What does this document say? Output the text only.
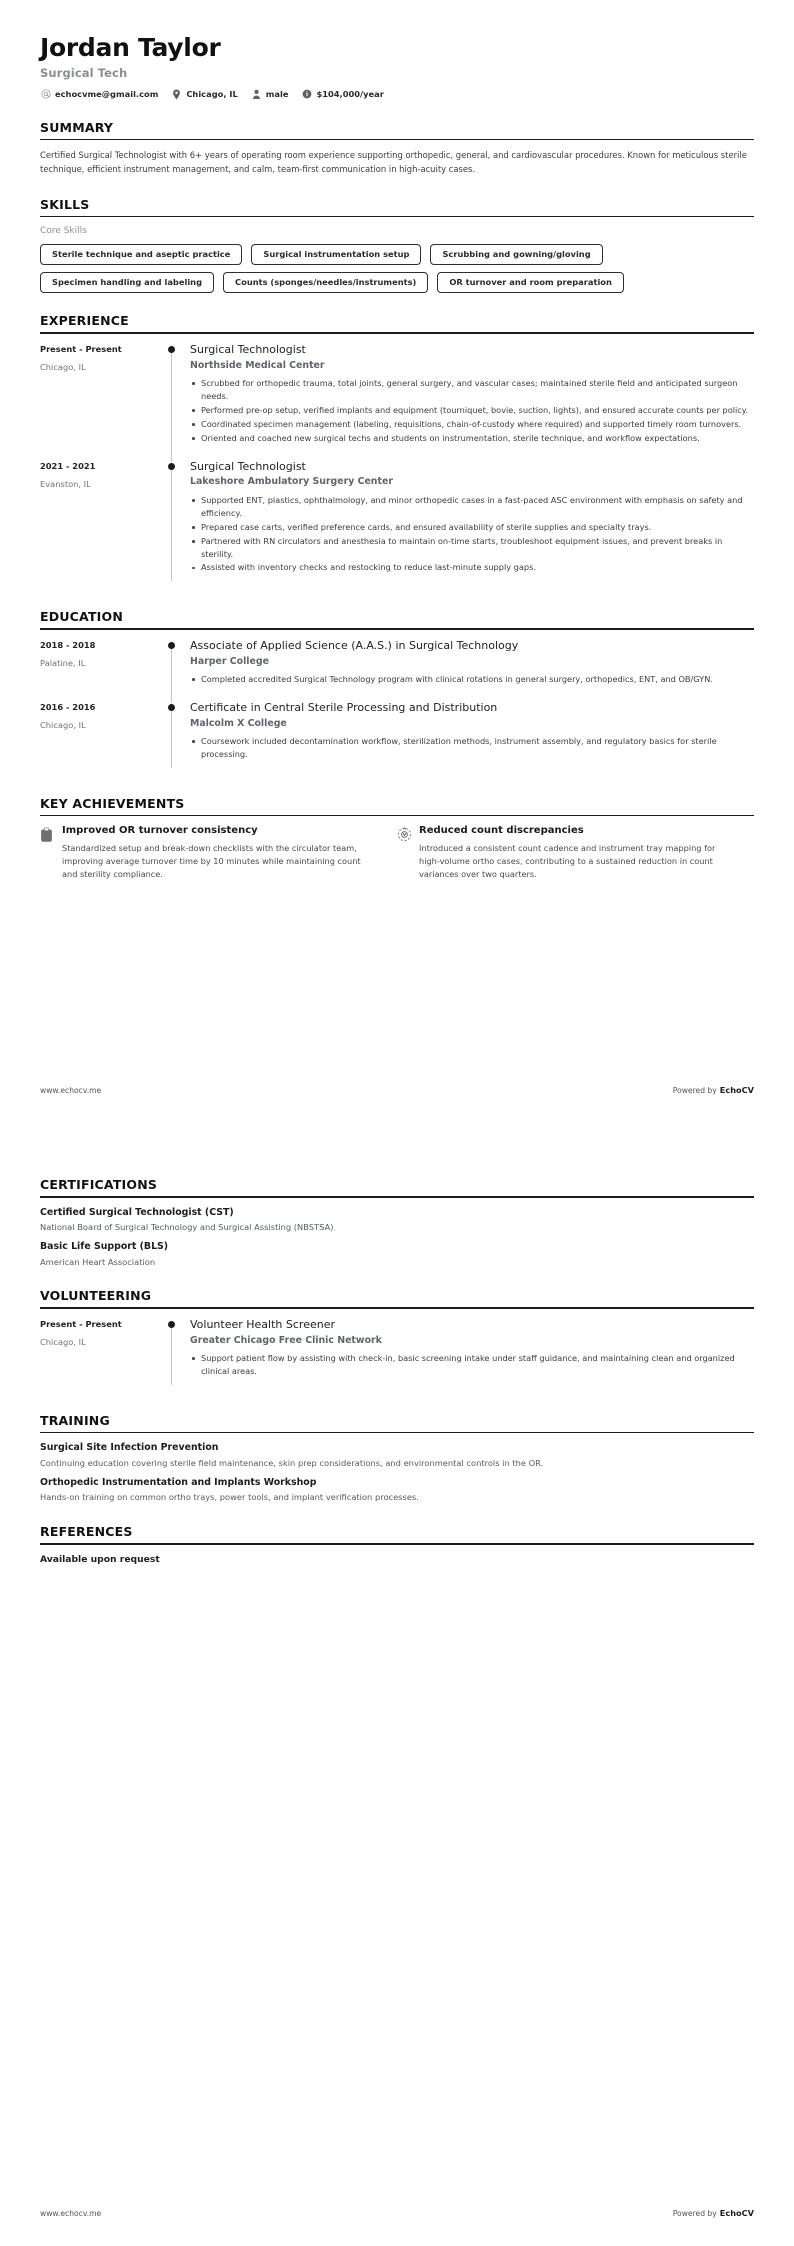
Jordan Taylor
Surgical Tech
echocvme@gmail.com	Chicago, IL	male	$104,000/year
SUMMARY
Certified Surgical Technologist with 6+ years of operating room experience supporting orthopedic, general, and cardiovascular procedures. Known for meticulous sterile technique, efficient instrument management, and calm, team-first communication in high-acuity cases.
SKILLS
Core Skills
Sterile technique and aseptic practice	Surgical instrumentation setup	Scrubbing and gowning/gloving
Specimen handling and labeling	Counts (sponges/needles/instruments)	OR turnover and room preparation
EXPERIENCE
Present - Present
Chicago, IL
Surgical Technologist
Northside Medical Center
Scrubbed for orthopedic trauma, total joints, general surgery, and vascular cases; maintained sterile field and anticipated surgeon needs.
Performed pre-op setup, verified implants and equipment (tourniquet, bovie, suction, lights), and ensured accurate counts per policy.
Coordinated specimen management (labeling, requisitions, chain-of-custody where required) and supported timely room turnovers.
Oriented and coached new surgical techs and students on instrumentation, sterile technique, and workflow expectations.
2021 - 2021
Evanston, IL
Surgical Technologist
Lakeshore Ambulatory Surgery Center
Supported ENT, plastics, ophthalmology, and minor orthopedic cases in a fast-paced ASC environment with emphasis on safety and efficiency.
Prepared case carts, verified preference cards, and ensured availability of sterile supplies and specialty trays.
Partnered with RN circulators and anesthesia to maintain on-time starts, troubleshoot equipment issues, and prevent breaks in sterility.
Assisted with inventory checks and restocking to reduce last-minute supply gaps.
EDUCATION
2018 - 2018
Palatine, IL
Associate of Applied Science (A.A.S.) in Surgical Technology
Harper College
Completed accredited Surgical Technology program with clinical rotations in general surgery, orthopedics, ENT, and OB/GYN.
2016 - 2016
Chicago, IL
Certificate in Central Sterile Processing and Distribution
Malcolm X College
Coursework included decontamination workflow, sterilization methods, instrument assembly, and regulatory basics for sterile processing.
KEY ACHIEVEMENTS
Improved OR turnover consistency
Standardized setup and break-down checklists with the circulator team, improving average turnover time by 10 minutes while maintaining count and sterility compliance.
Reduced count discrepancies
Introduced a consistent count cadence and instrument tray mapping for high-volume ortho cases, contributing to a sustained reduction in count variances over two quarters.
www.echocv.me	Powered by EchoCV
CERTIFICATIONS
Certified Surgical Technologist (CST)
National Board of Surgical Technology and Surgical Assisting (NBSTSA)
Basic Life Support (BLS)
American Heart Association
VOLUNTEERING
Present - Present
Chicago, IL
Volunteer Health Screener
Greater Chicago Free Clinic Network
Support patient flow by assisting with check-in, basic screening intake under staff guidance, and maintaining clean and organized clinical areas.
TRAINING
Surgical Site Infection Prevention
Continuing education covering sterile field maintenance, skin prep considerations, and environmental controls in the OR.
Orthopedic Instrumentation and Implants Workshop
Hands-on training on common ortho trays, power tools, and implant verification processes.
REFERENCES
Available upon request
www.echocv.me	Powered by EchoCV
